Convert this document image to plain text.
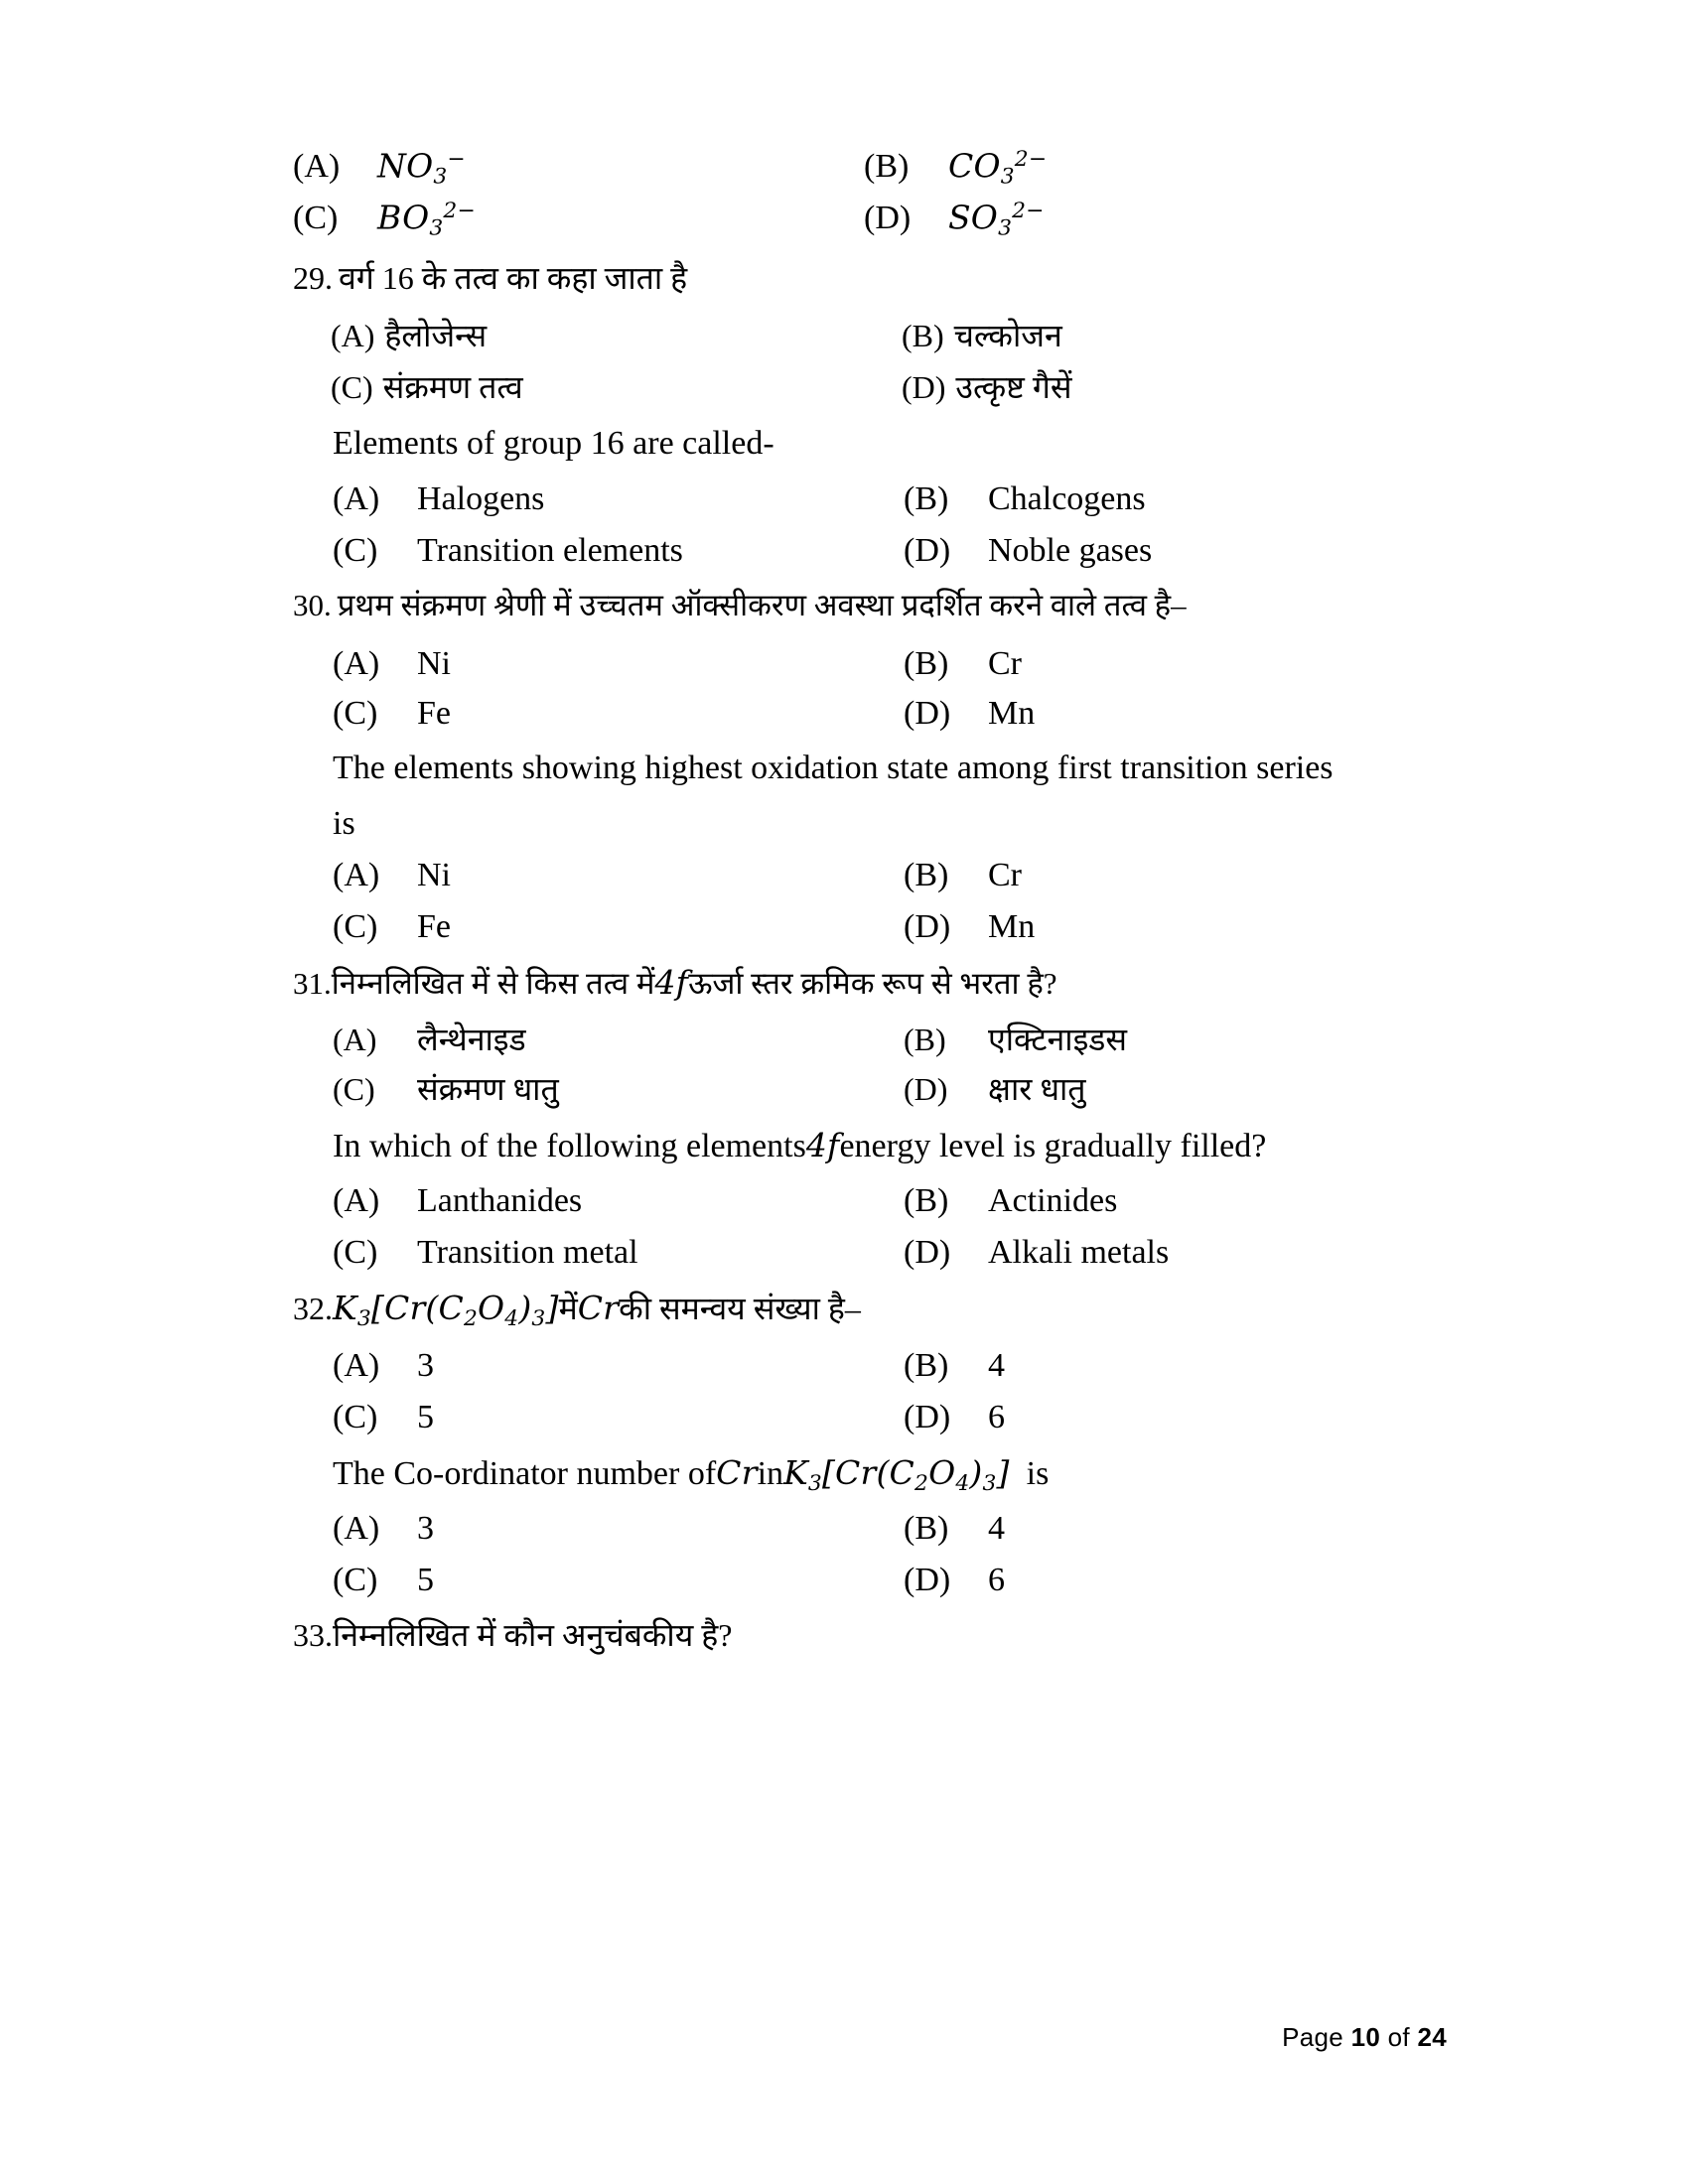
(A)	$NO_3^-$	(B)	$CO_3^{2-}$
(C)	$BO_3^{2-}$	(D)	$SO_3^{2-}$
29. वर्ग 16 के तत्व का कहा जाता है
(A) हैलोजेन्स	(B) चल्कोजन
(C) संक्रमण तत्व	(D) उत्कृष्ट गैसें
Elements of group 16 are called-
(A)	Halogens	(B)	Chalcogens
(C)	Transition elements	(D)	Noble gases
30. प्रथम संक्रमण श्रेणी में उच्चतम ऑक्सीकरण अवस्था प्रदर्शित करने वाले तत्व है–
(A)	Ni	(B)	Cr
(C)	Fe	(D)	Mn
The elements showing highest oxidation state among first transition series
is
(A)	Ni	(B)	Cr
(C)	Fe	(D)	Mn
31. निम्नलिखित में से किस तत्व में 4f ऊर्जा स्तर क्रमिक रूप से भरता है?
(A)	लैन्थेनाइड	(B)	एक्टिनाइडस
(C)	संक्रमण धातु	(D)	क्षार धातु
In which of the following elements 4f energy level is gradually filled?
(A)	Lanthanides	(B)	Actinides
(C)	Transition metal	(D)	Alkali metals
32. $K_3[Cr(C_2O_4)_3]$ में Cr की समन्वय संख्या है–
(A)	3	(B)	4
(C)	5	(D)	6
The Co-ordinator number of Cr in $K_3[Cr(C_2O_4)_3]$ is
(A)	3	(B)	4
(C)	5	(D)	6
33. निम्नलिखित में कौन अनुचंबकीय है?
Page 10 of 24
